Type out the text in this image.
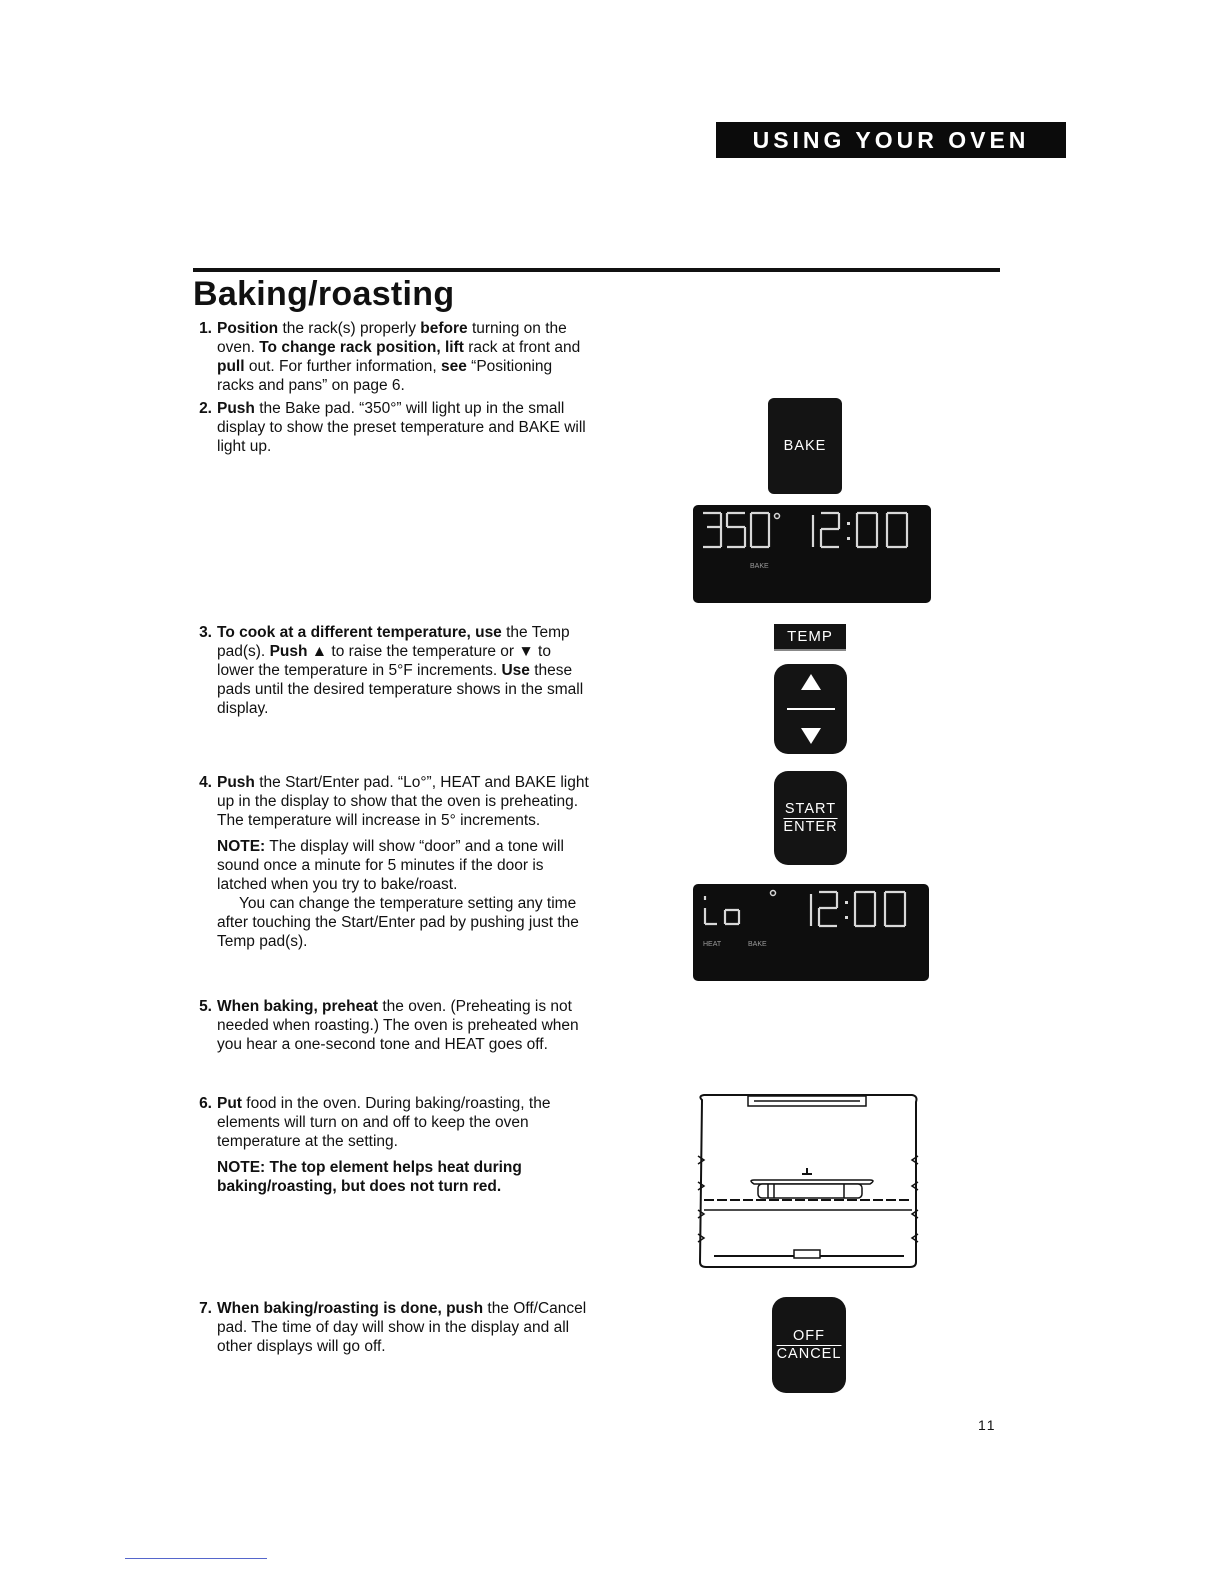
USING YOUR OVEN
Baking/roasting
1. Position the rack(s) properly before turning on the oven. To change rack position, lift rack at front and pull out. For further information, see “Positioning racks and pans” on page 6.

2. Push the Bake pad. “350°” will light up in the small display to show the preset temperature and BAKE will light up.

3. To cook at a different temperature, use the Temp pad(s). Push ▲ to raise the temperature or ▼ to lower the temperature in 5°F increments. Use these pads until the desired temperature shows in the small display.

4. Push the Start/Enter pad. “Lo°”, HEAT and BAKE light up in the display to show that the oven is preheating. The temperature will increase in 5° increments.

NOTE: The display will show “door” and a tone will sound once a minute for 5 minutes if the door is latched when you try to bake/roast.

You can change the temperature setting any time after touching the Start/Enter pad by pushing just the Temp pad(s).

5. When baking, preheat the oven. (Preheating is not needed when roasting.) The oven is preheated when you hear a one-second tone and HEAT goes off.

6. Put food in the oven. During baking/roasting, the elements will turn on and off to keep the oven temperature at the setting.

NOTE: The top element helps heat during baking/roasting, but does not turn red.

7. When baking/roasting is done, push the Off/Cancel pad. The time of day will show in the display and all other displays will go off.

BAKE
BAKE
TEMP
START
ENTER
HEAT	BAKE
OFF
CANCEL
11
